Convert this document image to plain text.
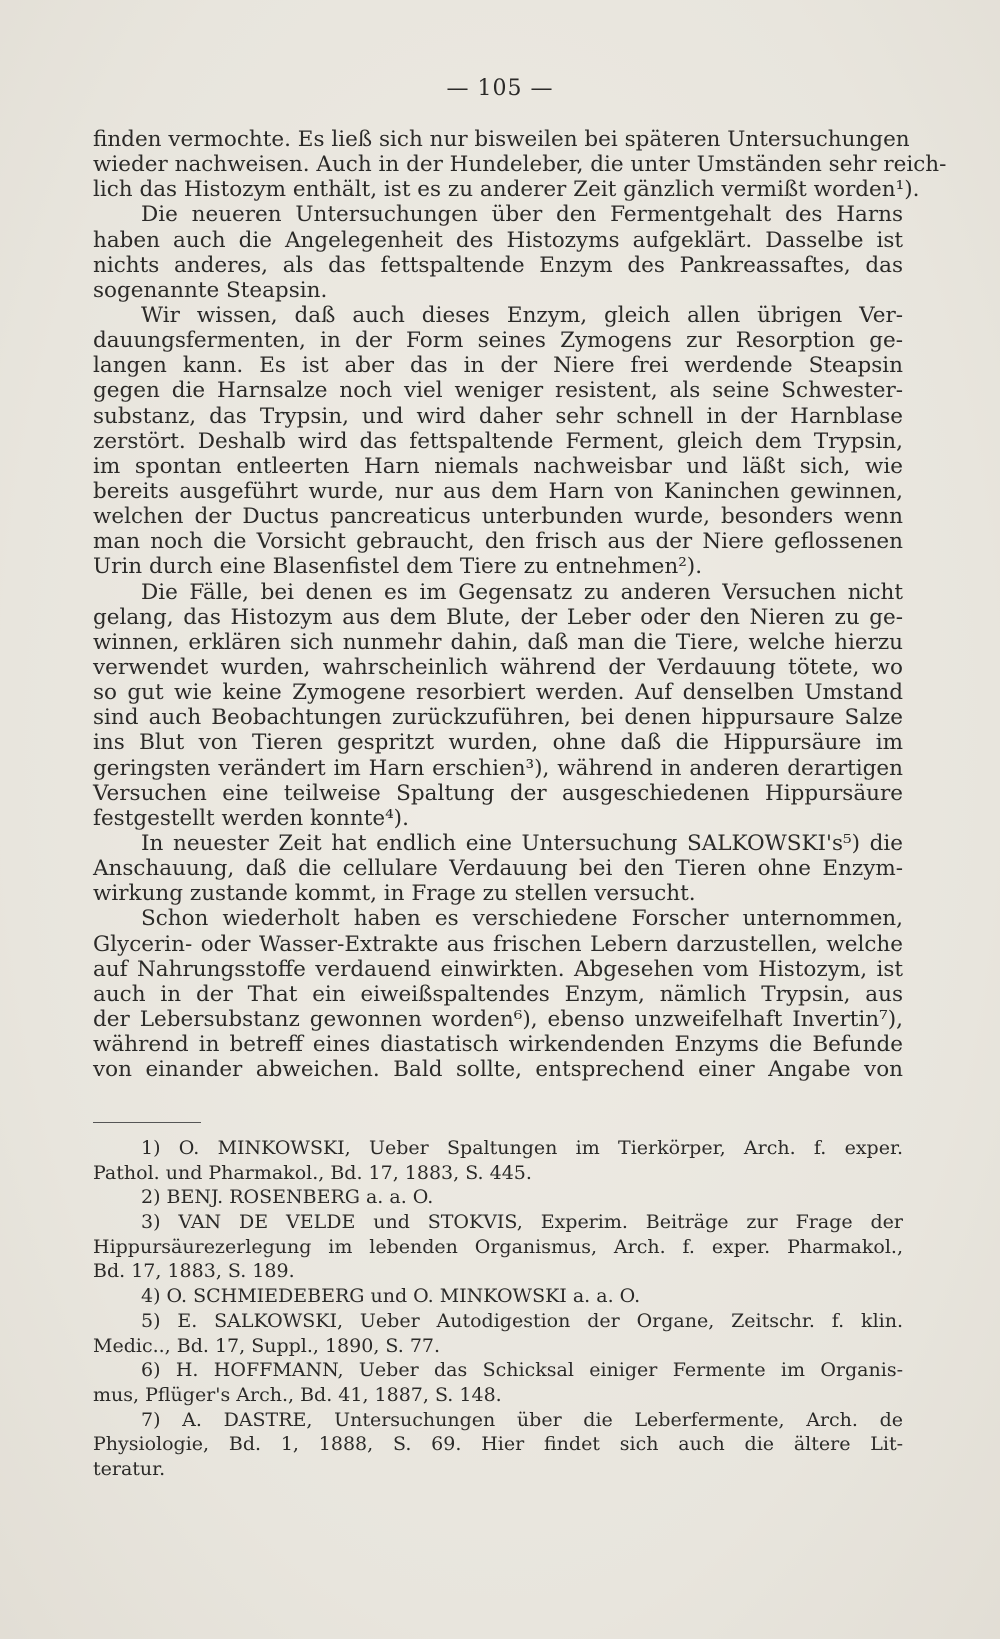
— 105 —
finden vermochte. Es ließ sich nur bisweilen bei späteren Untersuchungen
wieder nachweisen. Auch in der Hundeleber, die unter Umständen sehr reich-
lich das Histozym enthält, ist es zu anderer Zeit gänzlich vermißt worden¹).
Die neueren Untersuchungen über den Fermentgehalt des Harns
haben auch die Angelegenheit des Histozyms aufgeklärt. Dasselbe ist
nichts anderes, als das fettspaltende Enzym des Pankreassaftes, das
sogenannte Steapsin.
Wir wissen, daß auch dieses Enzym, gleich allen übrigen Ver-
dauungsfermenten, in der Form seines Zymogens zur Resorption ge-
langen kann. Es ist aber das in der Niere frei werdende Steapsin
gegen die Harnsalze noch viel weniger resistent, als seine Schwester-
substanz, das Trypsin, und wird daher sehr schnell in der Harnblase
zerstört. Deshalb wird das fettspaltende Ferment, gleich dem Trypsin,
im spontan entleerten Harn niemals nachweisbar und läßt sich, wie
bereits ausgeführt wurde, nur aus dem Harn von Kaninchen gewinnen,
welchen der Ductus pancreaticus unterbunden wurde, besonders wenn
man noch die Vorsicht gebraucht, den frisch aus der Niere geflossenen
Urin durch eine Blasenfistel dem Tiere zu entnehmen²).
Die Fälle, bei denen es im Gegensatz zu anderen Versuchen nicht
gelang, das Histozym aus dem Blute, der Leber oder den Nieren zu ge-
winnen, erklären sich nunmehr dahin, daß man die Tiere, welche hierzu
verwendet wurden, wahrscheinlich während der Verdauung tötete, wo
so gut wie keine Zymogene resorbiert werden. Auf denselben Umstand
sind auch Beobachtungen zurückzuführen, bei denen hippursaure Salze
ins Blut von Tieren gespritzt wurden, ohne daß die Hippursäure im
geringsten verändert im Harn erschien³), während in anderen derartigen
Versuchen eine teilweise Spaltung der ausgeschiedenen Hippursäure
festgestellt werden konnte⁴).
In neuester Zeit hat endlich eine Untersuchung SALKOWSKI's⁵) die
Anschauung, daß die cellulare Verdauung bei den Tieren ohne Enzym-
wirkung zustande kommt, in Frage zu stellen versucht.
Schon wiederholt haben es verschiedene Forscher unternommen,
Glycerin- oder Wasser-Extrakte aus frischen Lebern darzustellen, welche
auf Nahrungsstoffe verdauend einwirkten. Abgesehen vom Histozym, ist
auch in der That ein eiweißspaltendes Enzym, nämlich Trypsin, aus
der Lebersubstanz gewonnen worden⁶), ebenso unzweifelhaft Invertin⁷),
während in betreff eines diastatisch wirkendenden Enzyms die Befunde
von einander abweichen. Bald sollte, entsprechend einer Angabe von
1) O. MINKOWSKI, Ueber Spaltungen im Tierkörper, Arch. f. exper.
Pathol. und Pharmakol., Bd. 17, 1883, S. 445.
2) BENJ. ROSENBERG a. a. O.
3) VAN DE VELDE und STOKVIS, Experim. Beiträge zur Frage der
Hippursäurezerlegung im lebenden Organismus, Arch. f. exper. Pharmakol.,
Bd. 17, 1883, S. 189.
4) O. SCHMIEDEBERG und O. MINKOWSKI a. a. O.
5) E. SALKOWSKI, Ueber Autodigestion der Organe, Zeitschr. f. klin.
Medic.., Bd. 17, Suppl., 1890, S. 77.
6) H. HOFFMANN, Ueber das Schicksal einiger Fermente im Organis-
mus, Pflüger's Arch., Bd. 41, 1887, S. 148.
7) A. DASTRE, Untersuchungen über die Leberfermente, Arch. de
Physiologie, Bd. 1, 1888, S. 69. Hier findet sich auch die ältere Lit-
teratur.
